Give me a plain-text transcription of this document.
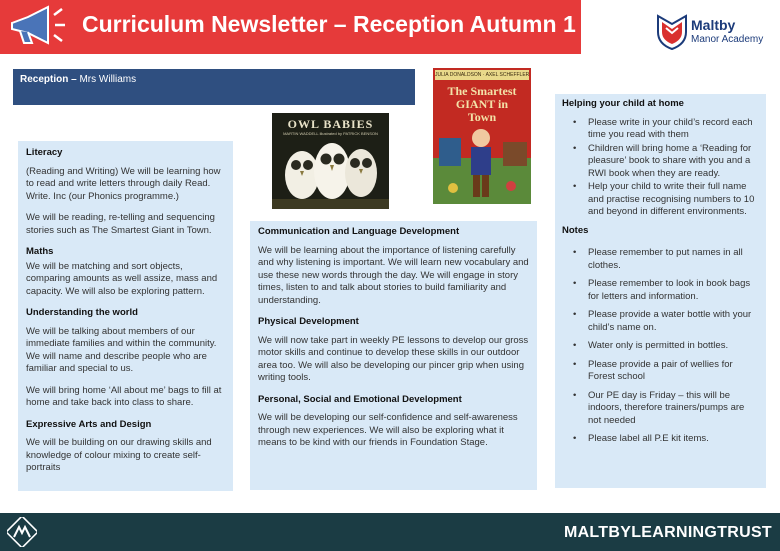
Curriculum Newsletter – Reception Autumn 1	Maltby
Manor Academy
Reception – Mrs Williams
OWL BABIES
MARTIN WADDELL illustrated by PATRICK BENSON
JULIA DONALDSON · AXEL SCHEFFLER
The Smartest GIANT in Town
Literacy

(Reading and Writing) We will be learning how to read and write letters through daily Read. Write. Inc (our Phonics programme.)

We will be reading, re-telling and sequencing stories such as The Smartest Giant in Town.

Maths

We will be matching and sort objects, comparing amounts as well assize, mass and capacity. We will also be exploring pattern.

Understanding the world

We will be talking about members of our immediate families and within the community. We will name and describe people who are familiar and special to us.

We will bring home ‘All about me’ bags to fill at home and take back into class to share.

Expressive Arts and Design

We will be building on our drawing skills and knowledge of colour mixing to create self-portraits

Communication and Language Development

We will be learning about the importance of listening carefully and why listening is important. We will learn new vocabulary and use these new words through the day. We will engage in story times, listen to and talk about stories to build familiarity and understanding.

Physical Development

We will now take part in weekly PE lessons to develop our gross motor skills and continue to develop these skills in our outdoor area too. We will also be developing our pincer grip when using writing tools.

Personal, Social and Emotional Development

We will be developing our self-confidence and self-awareness through new experiences. We will also be exploring what it means to be kind with our friends in Foundation Stage.

Helping your child at home
• Please write in your child’s record each time you read with them
• Children will bring home a ‘Reading for pleasure’ book to share with you and a RWI book when they are ready.
• Help your child to write their full name and practise recognising numbers to 10 and beyond in different environments.
Notes
• Please remember to put names in all clothes.
• Please remember to look in book bags for letters and information.
• Please provide a water bottle with your child’s name on.
• Water only is permitted in bottles.
• Please provide a pair of wellies for Forest school
• Our PE day is Friday – this will be indoors, therefore trainers/pumps are not needed
• Please label all P.E kit items.
MALTBYLEARNINGTRUST
